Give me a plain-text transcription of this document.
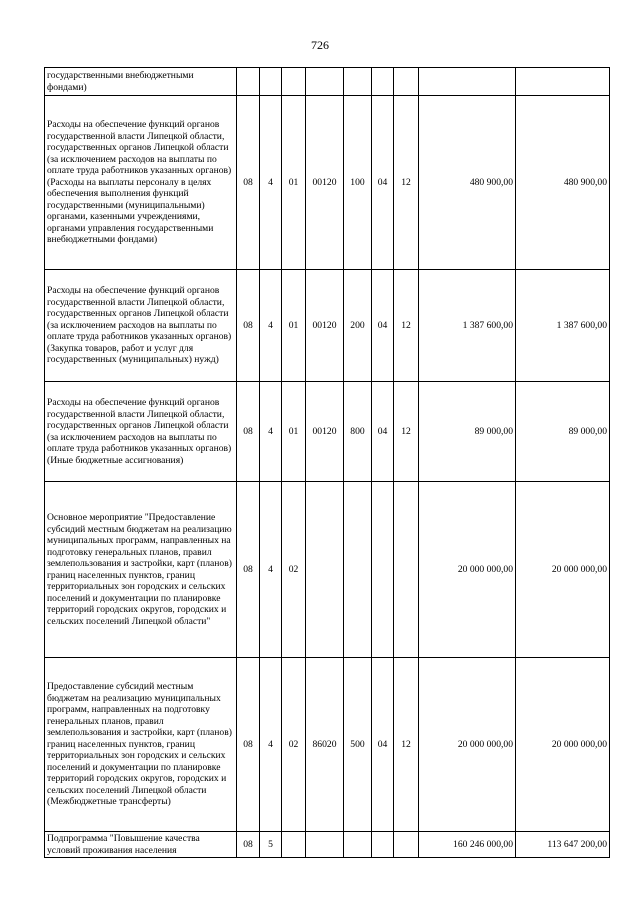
726
государственными внебюджетными фондами)									
Расходы на обеспечение функций органов государственной власти Липецкой области, государственных органов Липецкой области (за исключением расходов на выплаты по оплате труда работников указанных органов) (Расходы на выплаты персоналу в целях обеспечения выполнения функций государственными (муниципальными) органами, казенными учреждениями, органами управления государственными внебюджетными фондами)	08	4	01	00120	100	04	12	480 900,00	480 900,00
Расходы на обеспечение функций органов государственной власти Липецкой области, государственных органов Липецкой области (за исключением расходов на выплаты по оплате труда работников указанных органов) (Закупка товаров, работ и услуг для государственных (муниципальных) нужд)	08	4	01	00120	200	04	12	1 387 600,00	1 387 600,00
Расходы на обеспечение функций органов государственной власти Липецкой области, государственных органов Липецкой области (за исключением расходов на выплаты по оплате труда работников указанных органов) (Иные бюджетные ассигнования)	08	4	01	00120	800	04	12	89 000,00	89 000,00
Основное мероприятие "Предоставление субсидий местным бюджетам на реализацию муниципальных программ, направленных на подготовку генеральных планов, правил землепользования и застройки, карт (планов) границ населенных пунктов, границ территориальных зон городских и сельских поселений и документации по планировке территорий городских округов, городских и сельских поселений Липецкой области"	08	4	02					20 000 000,00	20 000 000,00
Предоставление субсидий местным бюджетам на реализацию муниципальных программ, направленных на подготовку генеральных планов, правил землепользования и застройки, карт (планов) границ населенных пунктов, границ территориальных зон городских и сельских поселений и документации по планировке территорий городских округов, городских и сельских поселений Липецкой области (Межбюджетные трансферты)	08	4	02	86020	500	04	12	20 000 000,00	20 000 000,00
Подпрограмма "Повышение качества условий проживания населения	08	5						160 246 000,00	113 647 200,00
